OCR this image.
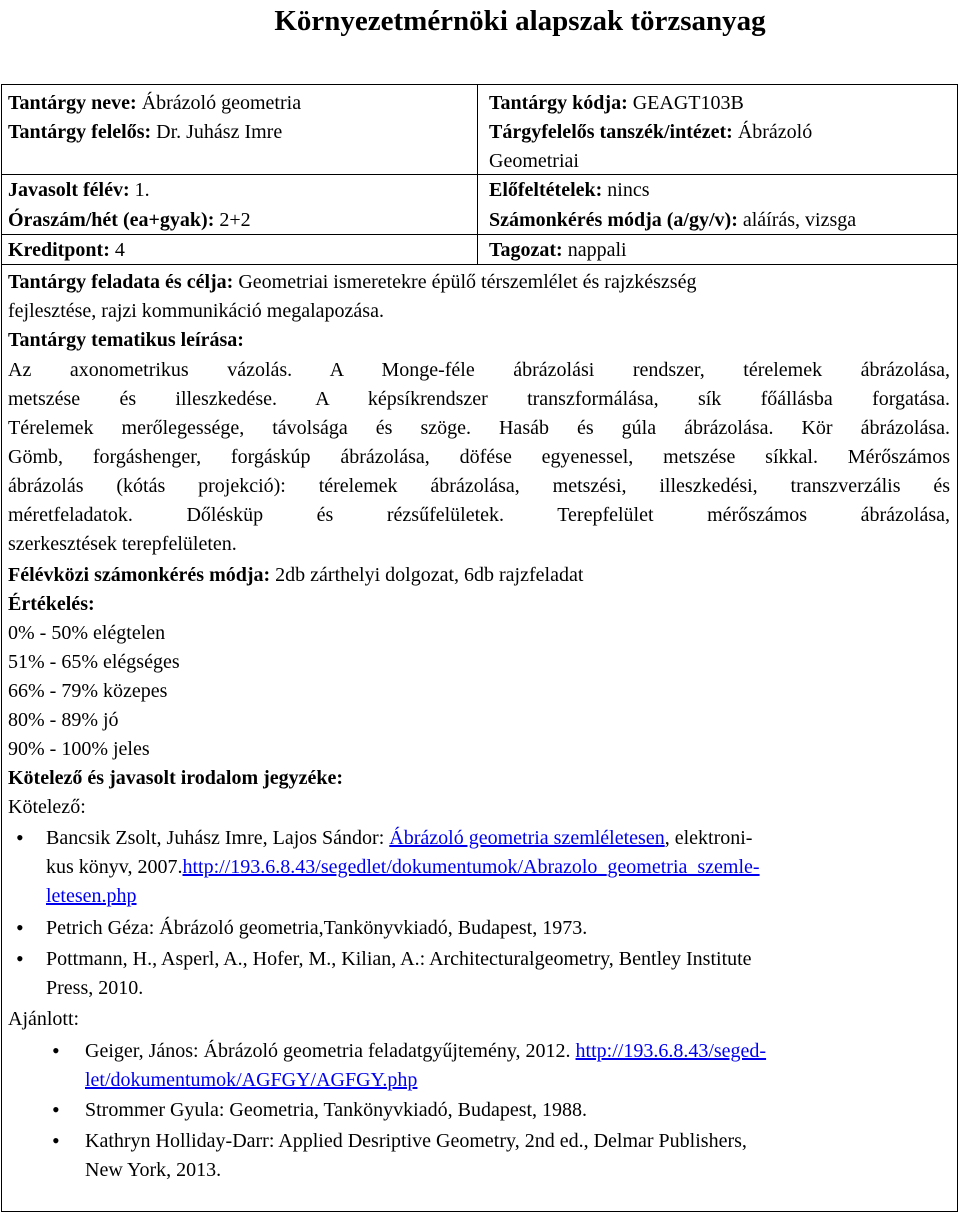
Környezetmérnöki alapszak törzsanyag
Tantárgy neve: Ábrázoló geometria
Tantárgy felelős: Dr. Juhász Imre
Javasolt félév: 1.
Óraszám/hét (ea+gyak): 2+2
Kreditpont: 4
Tantárgy kódja: GEAGT103B
Tárgyfelelős tanszék/intézet: Ábrázoló
Geometriai
Előfeltételek: nincs
Számonkérés módja (a/gy/v): aláírás, vizsga
Tagozat: nappali
Tantárgy feladata és célja: Geometriai ismeretekre épülő térszemlélet és rajzkészség
fejlesztése, rajzi kommunikáció megalapozása.
Tantárgy tematikus leírása:
Az axonometrikus vázolás. A Monge-féle ábrázolási rendszer, térelemek ábrázolása,
metszése és illeszkedése. A képsíkrendszer transzformálása, sík főállásba forgatása.
Térelemek merőlegessége, távolsága és szöge. Hasáb és gúla ábrázolása. Kör ábrázolása.
Gömb, forgáshenger, forgáskúp ábrázolása, döfése egyenessel, metszése síkkal. Mérőszámos
ábrázolás (kótás projekció): térelemek ábrázolása, metszési, illeszkedési, transzverzális és
méretfeladatok. Dőlésküp és rézsűfelületek. Terepfelület mérőszámos ábrázolása,
szerkesztések terepfelületen.
Félévközi számonkérés módja: 2db zárthelyi dolgozat, 6db rajzfeladat
Értékelés:
0% - 50% elégtelen
51% - 65% elégséges
66% - 79% közepes
80% - 89% jó
90% - 100% jeles
Kötelező és javasolt irodalom jegyzéke:
Kötelező:
• Bancsik Zsolt, Juhász Imre, Lajos Sándor: Ábrázoló geometria szemléletesen, elektroni-
kus könyv, 2007.http://193.6.8.43/segedlet/dokumentumok/Abrazolo_geometria_szemle-
letesen.php
• Petrich Géza: Ábrázoló geometria,Tankönyvkiadó, Budapest, 1973.
• Pottmann, H., Asperl, A., Hofer, M., Kilian, A.: Architecturalgeometry, Bentley Institute
Press, 2010.
Ajánlott:
• Geiger, János: Ábrázoló geometria feladatgyűjtemény, 2012. http://193.6.8.43/seged-
let/dokumentumok/AGFGY/AGFGY.php
• Strommer Gyula: Geometria, Tankönyvkiadó, Budapest, 1988.
• Kathryn Holliday-Darr: Applied Desriptive Geometry, 2nd ed., Delmar Publishers,
New York, 2013.
